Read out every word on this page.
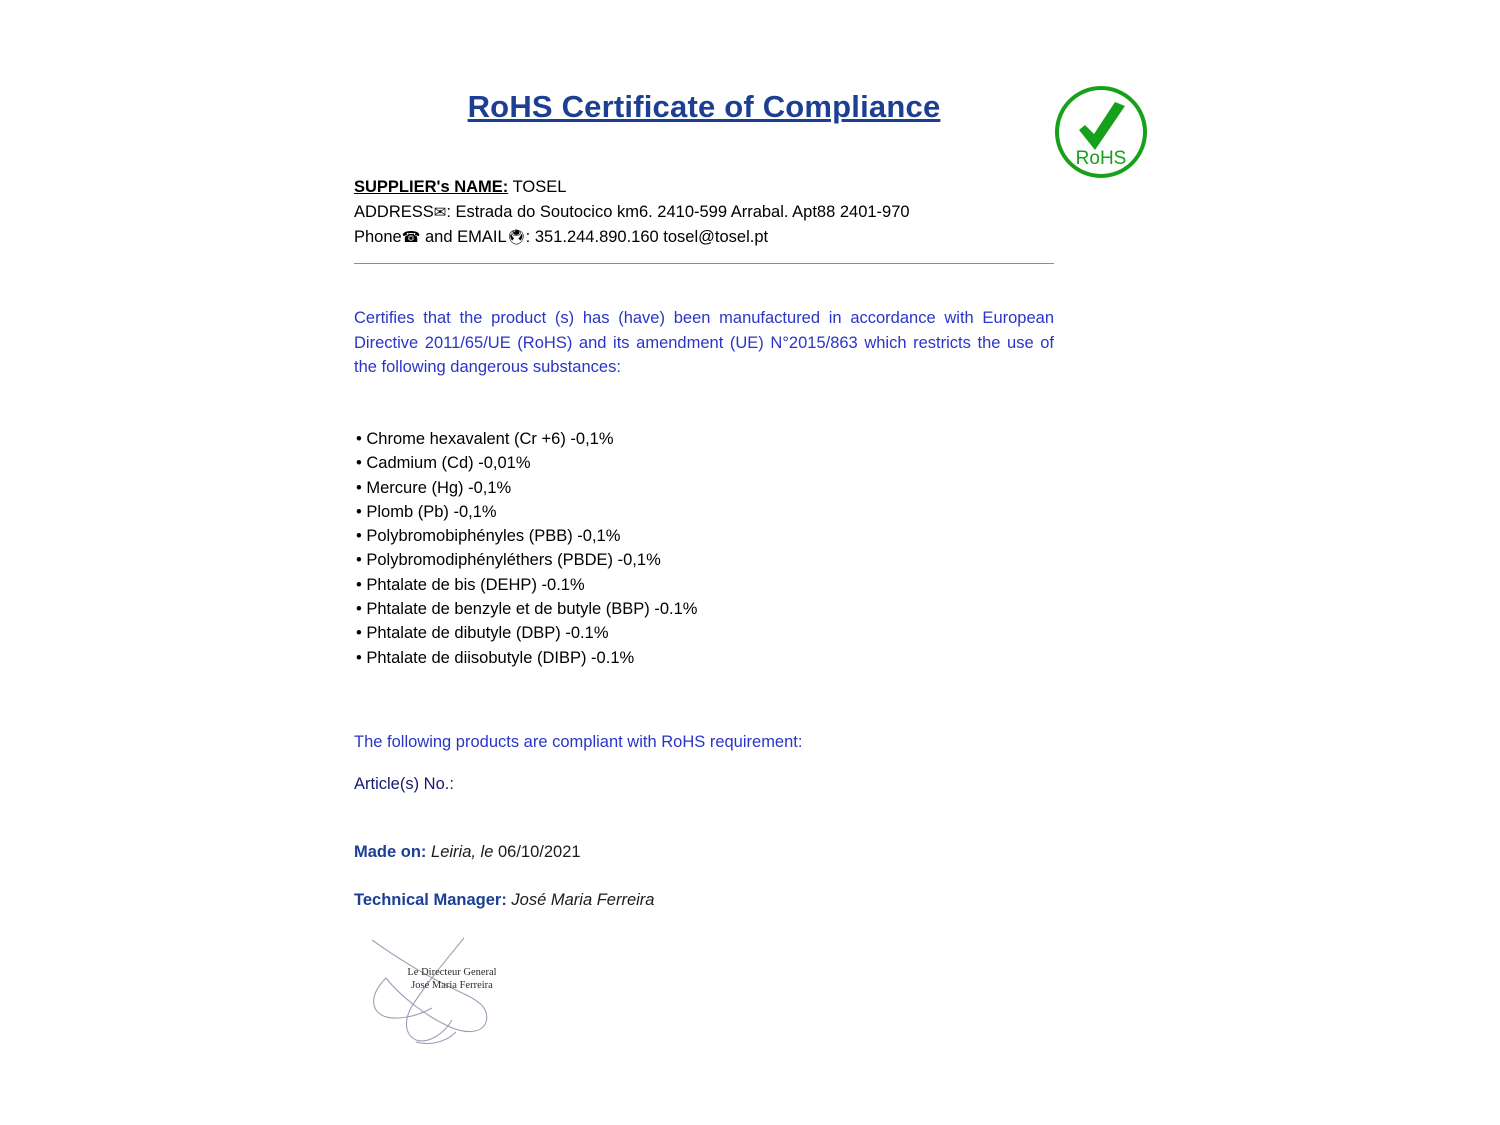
RoHS Certificate of Compliance
RoHS
SUPPLIER's NAME: TOSEL
ADDRESS✉: Estrada do Soutocico km6. 2410-599 Arrabal. Apt88 2401-970
Phone☎ and EMAIL🖲: 351.244.890.160 tosel@tosel.pt
Certifies that the product (s) has (have) been manufactured in accordance with European Directive 2011/65/UE (RoHS) and its amendment (UE) N°2015/863 which restricts the use of the following dangerous substances:
• Chrome hexavalent (Cr +6) -0,1%
• Cadmium (Cd) -0,01%
• Mercure (Hg) -0,1%
• Plomb (Pb) -0,1%
• Polybromobiphényles (PBB) -0,1%
• Polybromodiphényléthers (PBDE) -0,1%
• Phtalate de bis (DEHP) -0.1%
• Phtalate de benzyle et de butyle (BBP) -0.1%
• Phtalate de dibutyle (DBP) -0.1%
• Phtalate de diisobutyle (DIBP) -0.1%
The following products are compliant with RoHS requirement:
Article(s) No.:
Made on: Leiria, le 06/10/2021
Technical Manager: José Maria Ferreira
Le Directeur General
José Maria Ferreira
